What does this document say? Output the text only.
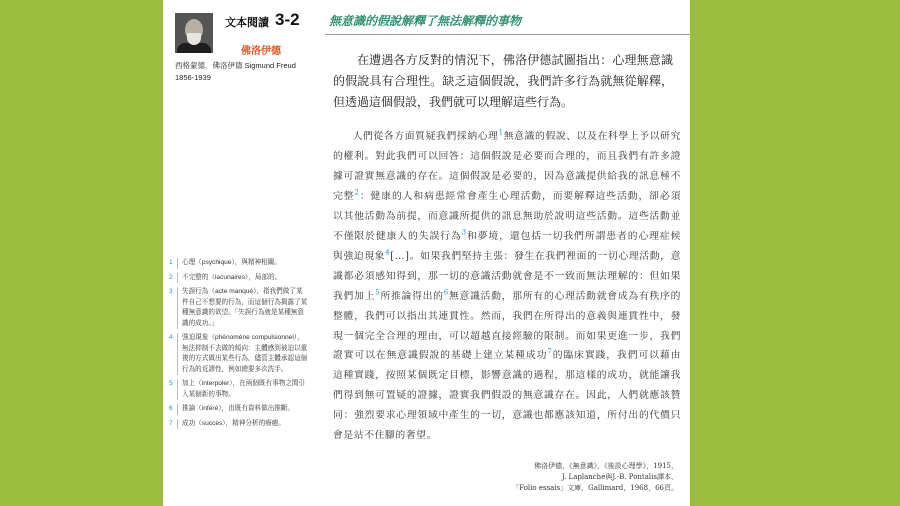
文本閱讀 3-2
佛洛伊德
西格蒙德．佛洛伊德 Sigmund Freud
1856-1939
無意識的假說解釋了無法解釋的事物

在遭遇各方反對的情況下，佛洛伊德試圖指出：心理無意識的假說具有合理性。缺乏這個假說，我們許多行為就無從解釋，但透過這個假設，我們就可以理解這些行為。

人們從各方面質疑我們採納心理$^1$無意識的假說、以及在科學上予以研究的權利。對此我們可以回答：這個假說是必要而合理的，而且我們有許多證據可證實無意識的存在。這個假說是必要的，因為意識提供給我的訊息極不完整$^2$：健康的人和病患經常會產生心理活動，而要解釋這些活動，卻必須以其他活動為前提，而意識所提供的訊息無助於說明這些活動。這些活動並不僅限於健康人的失誤行為$^3$和夢境，還包括一切我們所謂患者的心理症候與強迫現象$^4$[…]。如果我們堅持主張：發生在我們裡面的一切心理活動，意識都必須感知得到，那一切的意識活動就會是不一致而無法理解的：但如果我們加上$^5$所推論得出的$^6$無意識活動，那所有的心理活動就會成為有秩序的整體，我們可以指出其連貫性。然而，我們在所得出的意義與連貫性中，發現一個完全合理的理由，可以超越直接經驗的限制。而如果更進一步，我們證實可以在無意識假說的基礎上建立某種成功$^7$的臨床實踐，我們可以藉由這種實踐，按照某個既定目標，影響意識的過程，那這樣的成功，就能讓我們得到無可置疑的證據，證實我們假設的無意識存在。因此，人們就應該贊同：強烈要求心理領域中產生的一切，意識也都應該知道，所付出的代價只會是站不住腳的奢望。

1	心理（psychique），與精神相關。
2	不完整的（lacunaires），局部的。
3	失誤行為（acte manqué），指我們做了某件自己不想要的行為，而這個行為揭露了某種無意識的欲望。「失誤行為就是某種無意識的成功。」
4	強迫現象（phénomène compulsionnel），無法抑制不去做的傾向：主體感到被迫以重複的方式做出某些行為，儘管主體承認這個行為的荒謬性，例如總要多次洗手。
5	加上（interpoler），在兩個既有事物之間引入某個新的事物。
6	推論（inféré），由既有資料做出推斷。
7	成功（succès），精神分析的療癒。
佛洛伊德，《無意識》，《後設心理學》，1915，
J. Laplanche與J.-B. Pontalis譯本，
「Folio essais」文庫，Gallimard，1968，66頁。
